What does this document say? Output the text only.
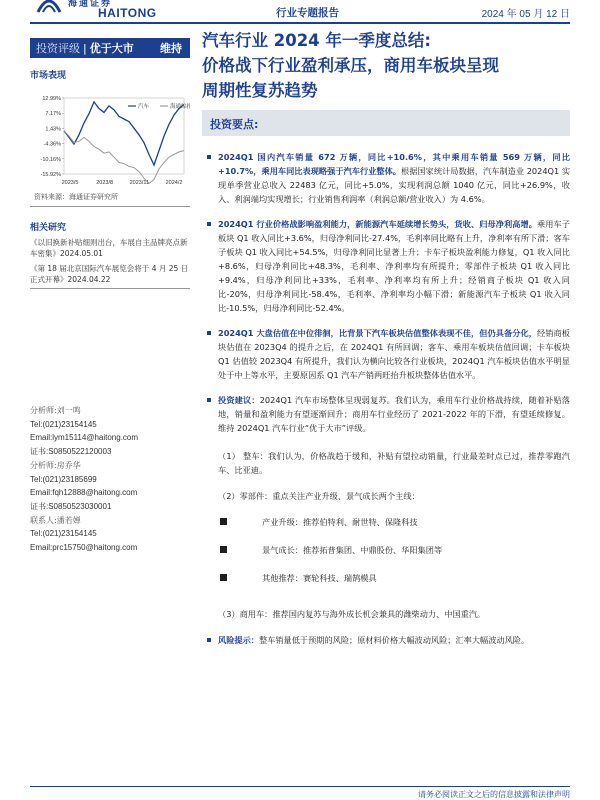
海通证券
HAITONG	行业专题报告	2024 年 05 月 12 日
投资评级 | 优于大市 维持
市场表现
12.99%
7.17%
1.43%
-4.36%
-10.16%
-15.92%
2023/5	2023/8	2023/11	2024/2
汽车	海通综指
资料来源：海通证券研究所
相关研究
《以旧换新补贴细则出台，车展自主品牌亮点新车密集》2024.05.01
《第 18 届北京国际汽车展览会将于 4 月 25 日正式开幕》2024.04.22
分析师:刘一鸣
Tel:(021)23154145
Email:lym15114@haitong.com
证书:S0850522120003
分析师:房乔华
Tel:(021)23185699
Email:fqh12888@haitong.com
证书:S0850523030001
联系人:潘若婵
Tel:(021)23154145
Email:prc15750@haitong.com
汽车行业 2024 年一季度总结:
价格战下行业盈利承压，商用车板块呈现
周期性复苏趋势
投资要点:
2024Q1 国内汽车销量 672 万辆，同比+10.6%，其中乘用车销量 569 万辆，同比+10.7%，乘用车同比表现略强于汽车行业整体。根据国家统计局数据，汽车制造业 2024Q1 实现单季营业总收入 22483 亿元，同比+5.0%，实现利润总额 1040 亿元，同比+26.9%，收入、利润端均实现增长；行业销售利润率（利润总额/营业收入）为 4.6%。
2024Q1 行业价格战影响盈利能力，新能源汽车延续增长势头，货收、归母净利高增。乘用车子板块 Q1 收入同比+3.6%，归母净利同比-27.4%，毛利率同比略有上升，净利率有所下滑；客车子板块 Q1 收入同比+54.5%，归母净利同比显著上升；卡车子板块盈利能力修复，Q1 收入同比+8.6%，归母净利同比+48.3%，毛利率、净利率均有所提升；零部件子板块 Q1 收入同比+9.4%，归母净利同比+33%，毛利率、净利率均有所上升；经销商子板块 Q1 收入同比-20%，归母净利同比-58.4%，毛利率、净利率均小幅下滑；新能源汽车子板块 Q1 收入同比-10.5%，归母净利同比-52.4%。
2024Q1 大盘估值在中位徘徊，比背景下汽车板块估值整体表现不佳，但仍具备分化，经销商板块估值在 2023Q4 的提升之后，在 2024Q1 有所回调；客车、乘用车板块估值回调；卡车板块 Q1 估值较 2023Q4 有所提升，我们认为横向比较各行业板块，2024Q1 汽车板块估值水平明显处于中上等水平，主要原因系 Q1 汽车产销两旺抬升板块整体估值水平。
投资建议：2024Q1 汽车市场整体呈现弱复苏。我们认为，乘用车行业价格战持续，随着补贴落地，销量和盈利能力有望逐渐回升；商用车行业经历了 2021-2022 年的下滑，有望延续修复。维持 2024Q1 汽车行业“优于大市”评级。
（1） 整车：我们认为，价格战趋于缓和，补贴有望拉动销量，行业最差时点已过，推荐零跑汽车、比亚迪。
（2）零部件：重点关注产业升级、景气成长两个主线：
产业升级：推荐伯特利、耐世特、保隆科技
景气成长：推荐拓普集团、中鼎股份、华阳集团等
其他推荐：赛轮科技、瑞鹄模具
（3）商用车：推荐国内复苏与海外成长机会兼具的潍柴动力、中国重汽。
风险提示：整车销量低于预期的风险；原材料价格大幅波动风险；汇率大幅波动风险。
请务必阅读正文之后的信息披露和法律声明
